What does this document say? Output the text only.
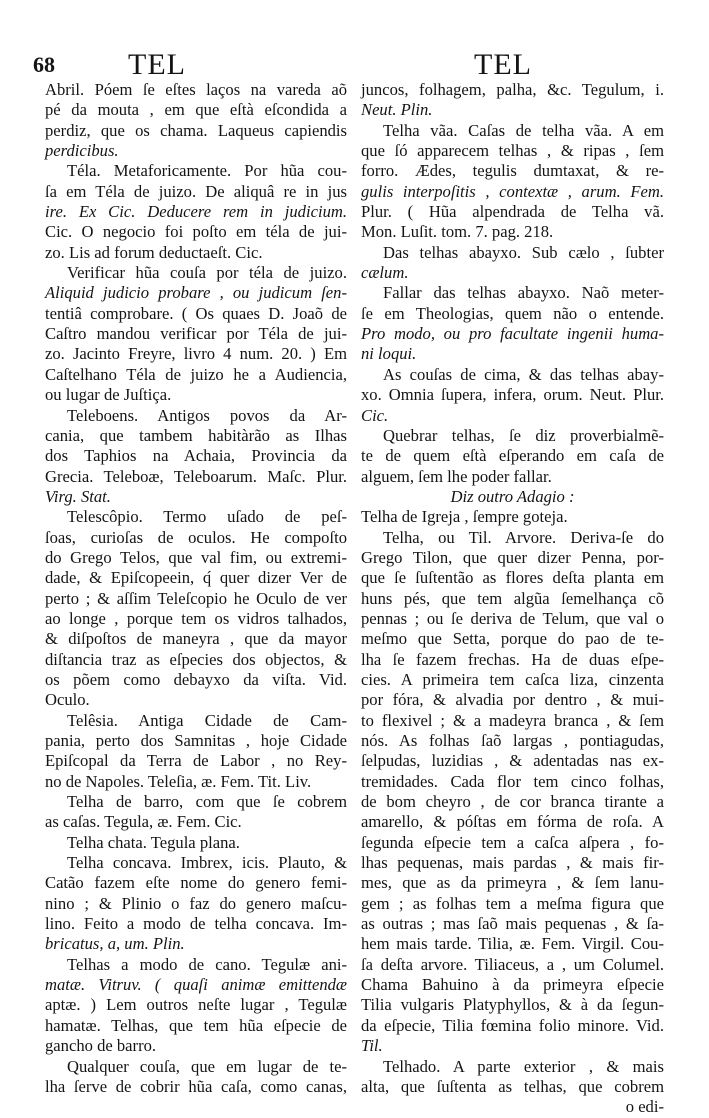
68 TEL	TEL
Abril. Póem ſe eſtes laços na vareda aõ
pé da mouta , em que eſtà eſcondida a
perdiz, que os chama. Laqueus capiendis
perdicibus.
Téla. Metaforicamente. Por hũa cou-
ſa em Téla de juizo. De aliquâ re in jus
ire. Ex Cic. Deducere rem in judicium.
Cic. O negocio foi poſto em téla de jui-
zo. Lis ad forum deductaeſt. Cic.
Verificar hũa couſa por téla de juizo.
Aliquid judicio probare , ou judicum ſen-
tentiâ comprobare. ( Os quaes D. Joaõ de
Caſtro mandou verificar por Téla de jui-
zo. Jacinto Freyre, livro 4 num. 20. ) Em
Caſtelhano Téla de juizo he a Audiencia,
ou lugar de Juſtiça.
Teleboens. Antigos povos da Ar-
cania, que tambem habitàrão as Ilhas
dos Taphios na Achaia, Provincia da
Grecia. Teleboæ, Teleboarum. Maſc. Plur.
Virg. Stat.
Telescôpio. Termo uſado de peſ-
ſoas, curioſas de oculos. He compoſto
do Grego Telos, que val fim, ou extremi-
dade, & Epiſcopeein, q́ quer dizer Ver de
perto ; & aſſim Teleſcopio he Oculo de ver
ao longe , porque tem os vidros talhados,
& diſpoſtos de maneyra , que da mayor
diſtancia traz as eſpecies dos objectos, &
os põem como debayxo da viſta. Vid.
Oculo.
Telêsia. Antiga Cidade de Cam-
pania, perto dos Samnitas , hoje Cidade
Epiſcopal da Terra de Labor , no Rey-
no de Napoles. Teleſia, æ. Fem. Tit. Liv.
Telha de barro, com que ſe cobrem
as caſas. Tegula, æ. Fem. Cic.
Telha chata. Tegula plana.
Telha concava. Imbrex, icis. Plauto, &
Catão fazem eſte nome do genero femi-
nino ; & Plinio o faz do genero maſcu-
lino. Feito a modo de telha concava. Im-
bricatus, a, um. Plin.
Telhas a modo de cano. Tegulæ ani-
matæ. Vitruv. ( quaſi animæ emittendæ
aptæ. ) Lem outros neſte lugar , Tegulæ
hamatæ. Telhas, que tem hũa eſpecie de
gancho de barro.
Qualquer couſa, que em lugar de te-
lha ſerve de cobrir hũa caſa, como canas,
juncos, folhagem, palha, &c. Tegulum, i.
Neut. Plin.
Telha vãa. Caſas de telha vãa. A em
que ſó apparecem telhas , & ripas , ſem
forro. Ædes, tegulis dumtaxat, & re-
gulis interpoſitis , contextæ , arum. Fem.
Plur. ( Hũa alpendrada de Telha vã.
Mon. Luſit. tom. 7. pag. 218.
Das telhas abayxo. Sub cælo , ſubter
cælum.
Fallar das telhas abayxo. Naõ meter-
ſe em Theologias, quem não o entende.
Pro modo, ou pro facultate ingenii huma-
ni loqui.
As couſas de cima, & das telhas abay-
xo. Omnia ſupera, infera, orum. Neut. Plur.
Cic.
Quebrar telhas, ſe diz proverbialmẽ-
te de quem eſtà eſperando em caſa de
alguem, ſem lhe poder fallar.
Diz outro Adagio :
Telha de Igreja , ſempre goteja.
Telha, ou Til. Arvore. Deriva-ſe do
Grego Tilon, que quer dizer Penna, por-
que ſe ſuſtentão as flores deſta planta em
huns pés, que tem algũa ſemelhança cõ
pennas ; ou ſe deriva de Telum, que val o
meſmo que Setta, porque do pao de te-
lha ſe fazem frechas. Ha de duas eſpe-
cies. A primeira tem caſca liza, cinzenta
por fóra, & alvadia por dentro , & mui-
to flexivel ; & a madeyra branca , & ſem
nós. As folhas ſaõ largas , pontiagudas,
ſelpudas, luzidias , & adentadas nas ex-
tremidades. Cada flor tem cinco folhas,
de bom cheyro , de cor branca tirante a
amarello, & póſtas em fórma de roſa. A
ſegunda eſpecie tem a caſca aſpera , fo-
lhas pequenas, mais pardas , & mais fir-
mes, que as da primeyra , & ſem lanu-
gem ; as folhas tem a meſma figura que
as outras ; mas ſaõ mais pequenas , & ſa-
hem mais tarde. Tilia, æ. Fem. Virgil. Cou-
ſa deſta arvore. Tiliaceus, a , um Columel.
Chama Bahuino à da primeyra eſpecie
Tilia vulgaris Platyphyllos, & à da ſegun-
da eſpecie, Tilia fœmina folio minore. Vid.
Til.
Telhado. A parte exterior , & mais
alta, que ſuſtenta as telhas, que cobrem
o edi-
